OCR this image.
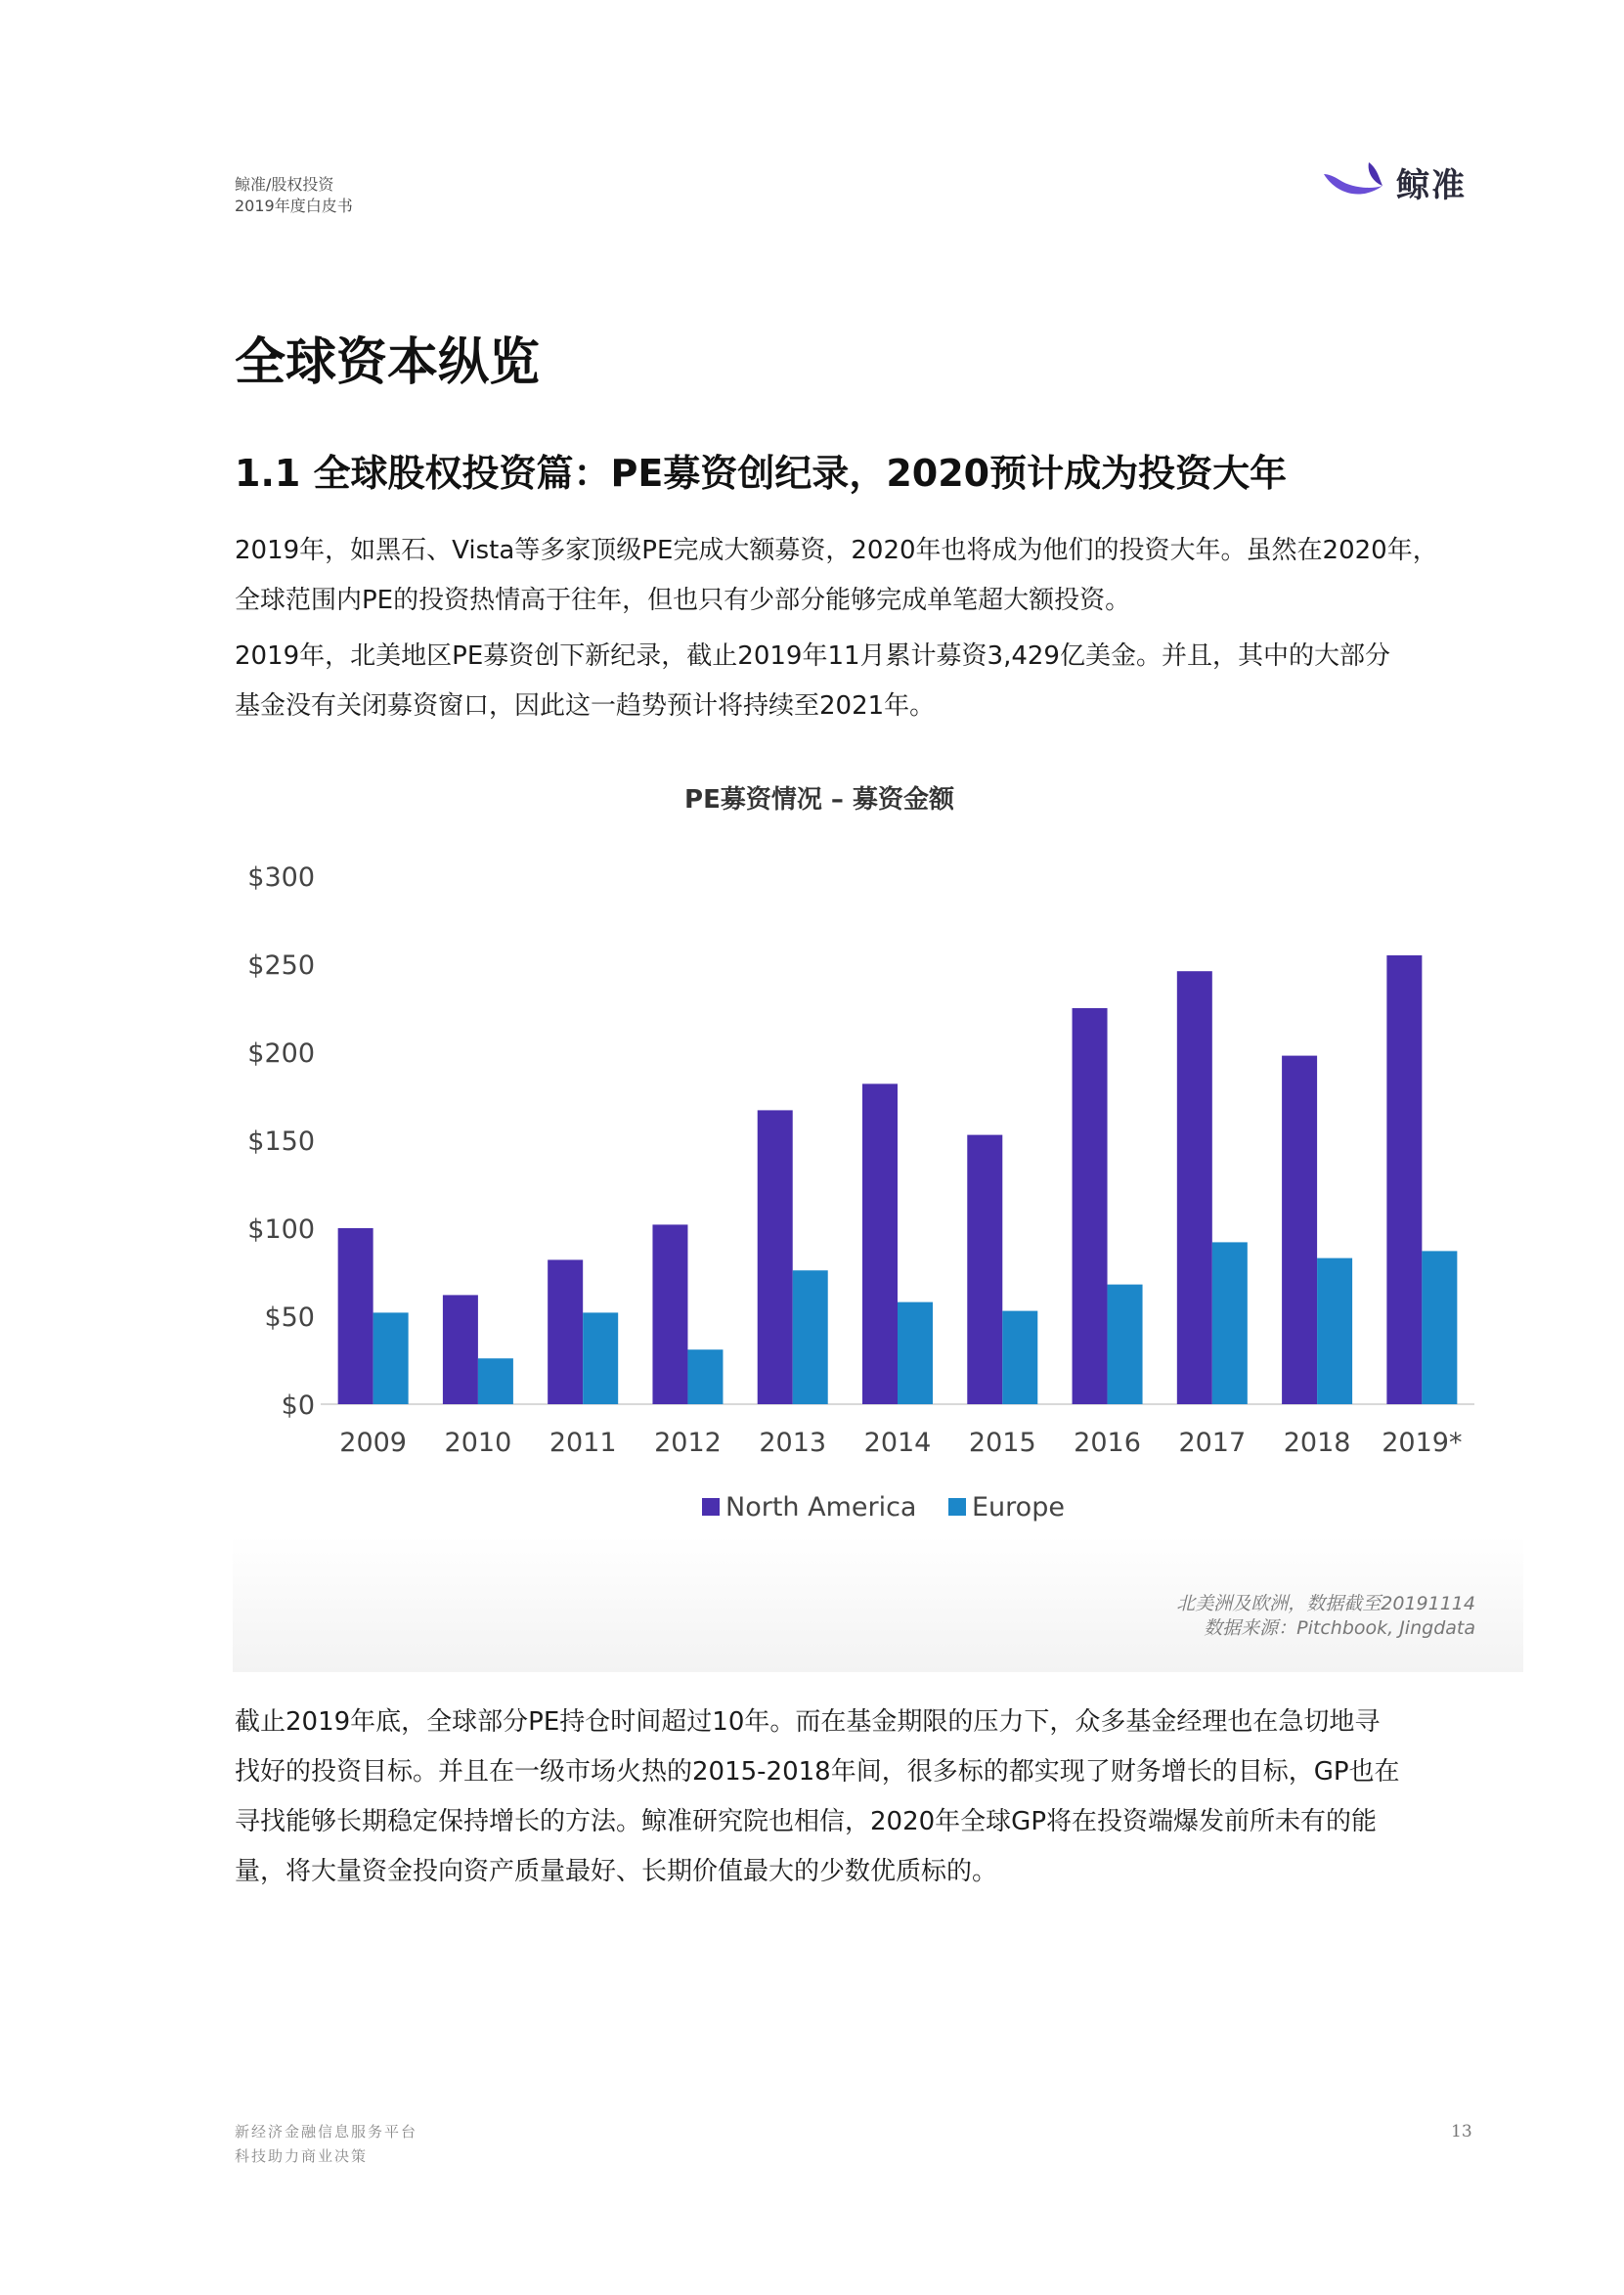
鲸准/股权投资
2019年度白皮书
鲸准
全球资本纵览
1.1 全球股权投资篇：PE募资创纪录，2020预计成为投资大年
2019年，如黑石、Vista等多家顶级PE完成大额募资，2020年也将成为他们的投资大年。虽然在2020年，
全球范围内PE的投资热情高于往年，但也只有少部分能够完成单笔超大额投资。
2019年，北美地区PE募资创下新纪录，截止2019年11月累计募资3,429亿美金。并且，其中的大部分
基金没有关闭募资窗口，因此这一趋势预计将持续至2021年。
PE募资情况 – 募资金额
$0
$50
$100
$150
$200
$250
$300
2009 2010 2011 2012 2013 2014 2015 2016 2017 2018 2019*
North America Europe
北美洲及欧洲，数据截至20191114
数据来源：Pitchbook, Jingdata
截止2019年底，全球部分PE持仓时间超过10年。而在基金期限的压力下，众多基金经理也在急切地寻
找好的投资目标。并且在一级市场火热的2015-2018年间，很多标的都实现了财务增长的目标，GP也在
寻找能够长期稳定保持增长的方法。鲸准研究院也相信，2020年全球GP将在投资端爆发前所未有的能
量，将大量资金投向资产质量最好、长期价值最大的少数优质标的。
新经济金融信息服务平台
科技助力商业决策
13
